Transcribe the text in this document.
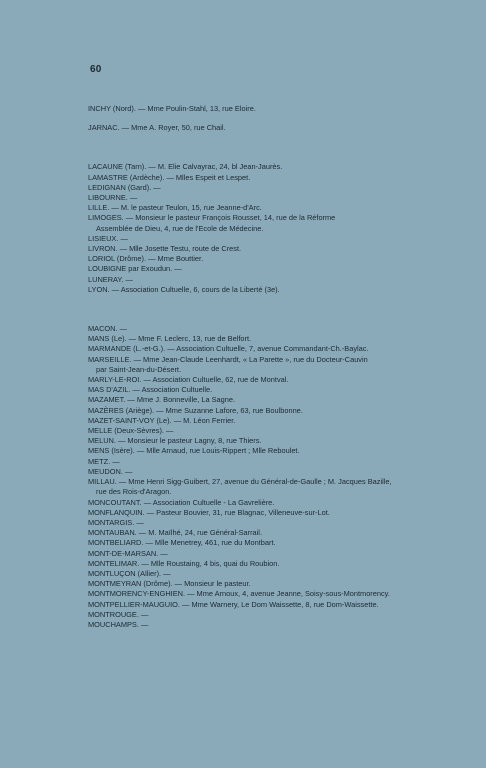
60
INCHY (Nord). — Mme Poulin-Stahl, 13, rue Eloire.
JARNAC. — Mme A. Royer, 50, rue Chail.
LACAUNE (Tarn). — M. Elie Calvayrac, 24, bl Jean-Jaurès.
LAMASTRE (Ardèche). — Mlles Espeit et Lespet.
LEDIGNAN (Gard). —
LIBOURNE. —
LILLE. — M. le pasteur Teulon, 15, rue Jeanne-d'Arc.
LIMOGES. — Monsieur le pasteur François Rousset, 14, rue de la Réforme
Assemblée de Dieu, 4, rue de l'Ecole de Médecine.
LISIEUX. —
LIVRON. — Mlle Josette Testu, route de Crest.
LORIOL (Drôme). — Mme Bouttier.
LOUBIGNE par Exoudun. —
LUNERAY. —
LYON. — Association Cultuelle, 6, cours de la Liberté (3e).
MACON. —
MANS (Le). — Mme F. Leclerc, 13, rue de Belfort.
MARMANDE (L.-et-G.). — Association Cultuelle, 7, avenue Commandant-Ch.-Baylac.
MARSEILLE. — Mme Jean-Claude Leenhardt, « La Parette », rue du Docteur-Cauvin
par Saint-Jean-du-Désert.
MARLY-LE-ROI. — Association Cultuelle, 62, rue de Montval.
MAS D'AZIL. — Association Cultuelle.
MAZAMET. — Mme J. Bonneville, La Sagne.
MAZÈRES (Ariège). — Mme Suzanne Lafore, 63, rue Boulbonne.
MAZET-SAINT-VOY (Le). — M. Léon Ferrier.
MELLE (Deux-Sèvres). —
MELUN. — Monsieur le pasteur Lagny, 8, rue Thiers.
MENS (Isère). — Mlle Arnaud, rue Louis-Rippert ; Mlle Reboulet.
METZ. —
MEUDON. —
MILLAU. — Mme Henri Sigg-Guibert, 27, avenue du Général-de-Gaulle ; M. Jacques Bazille,
rue des Rois-d'Aragon.
MONCOUTANT. — Association Cultuelle - La Gavrelière.
MONFLANQUIN. — Pasteur Bouvier, 31, rue Blagnac, Villeneuve-sur-Lot.
MONTARGIS. —
MONTAUBAN. — M. Maïlhé, 24, rue Général-Sarrail.
MONTBELIARD. — Mlle Menetrey, 461, rue du Montbart.
MONT-DE-MARSAN. —
MONTELIMAR. — Mlle Roustaing, 4 bis, quai du Roubion.
MONTLUÇON (Allier). —
MONTMEYRAN (Drôme). — Monsieur le pasteur.
MONTMORENCY-ENGHIEN. — Mme Arnoux, 4, avenue Jeanne, Soisy-sous-Montmorency.
MONTPELLIER-MAUGUIO. — Mme Warnery, Le Dom Waissette, 8, rue Dom-Waissette.
MONTROUGE. —
MOUCHAMPS. —
